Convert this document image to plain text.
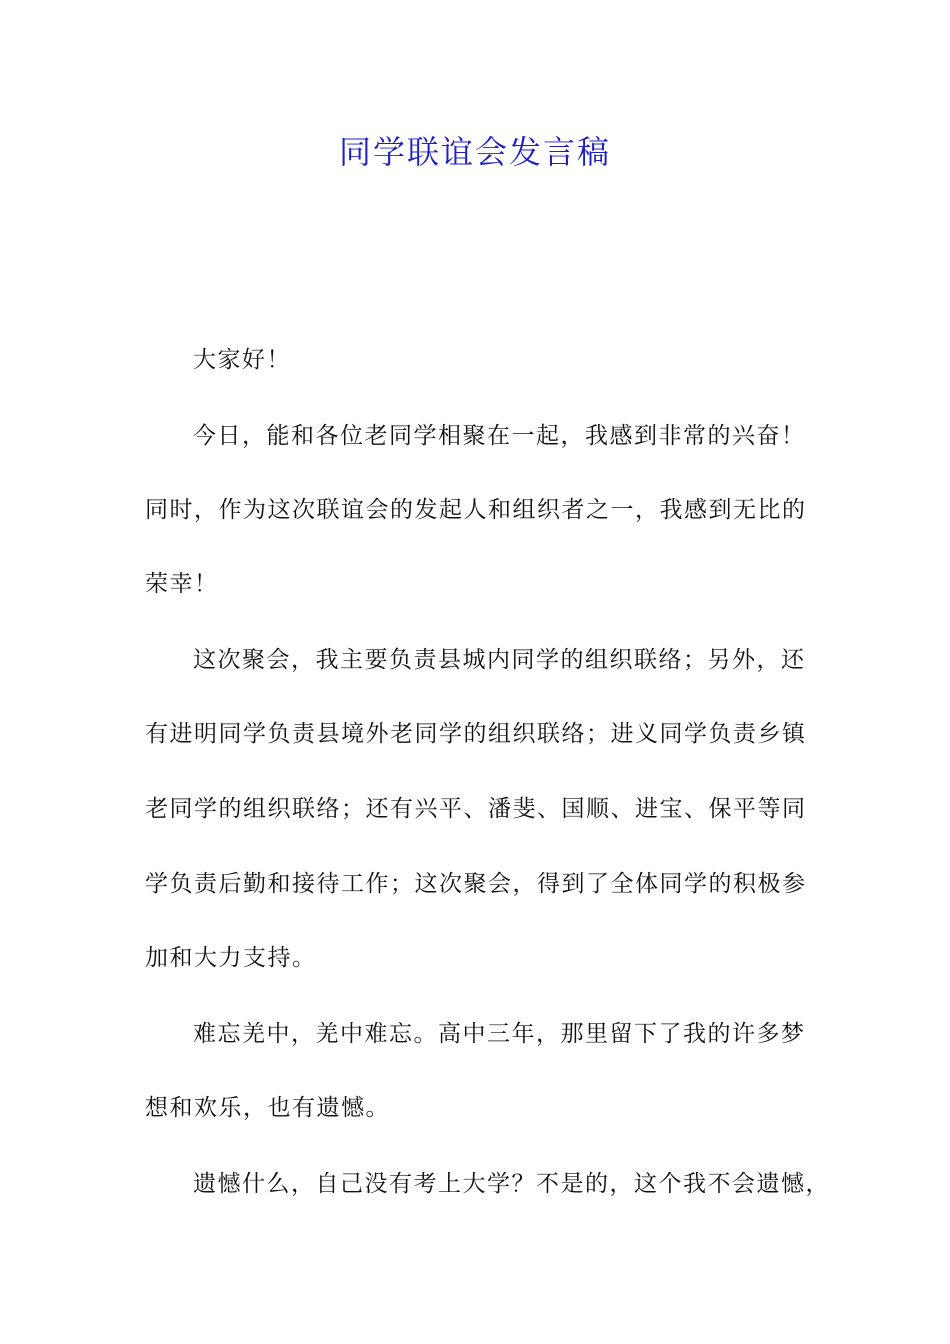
同学联谊会发言稿
大家好！
今日，能和各位老同学相聚在一起，我感到非常的兴奋！
同时，作为这次联谊会的发起人和组织者之一，我感到无比的
荣幸！
这次聚会，我主要负责县城内同学的组织联络；另外，还
有进明同学负责县境外老同学的组织联络；进义同学负责乡镇
老同学的组织联络；还有兴平、潘斐、国顺、进宝、保平等同
学负责后勤和接待工作；这次聚会，得到了全体同学的积极参
加和大力支持。
难忘羌中，羌中难忘。高中三年，那里留下了我的许多梦
想和欢乐，也有遗憾。
遗憾什么，自己没有考上大学？不是的，这个我不会遗憾，
